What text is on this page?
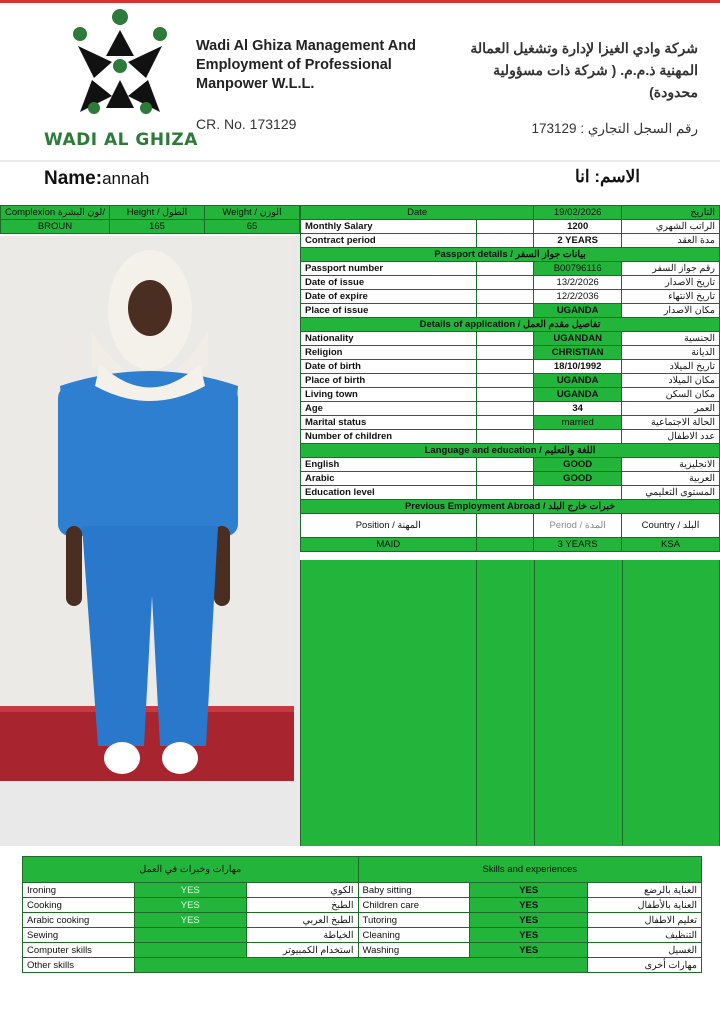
WADI AL GHIZA
Wadi Al Ghiza Management And
Employment of Professional
Manpower W.L.L.
CR. No. 173129
شركة وادي الغيزا لإدارة وتشغيل العمالة
المهنية ذ.م.م. ( شركة ذات مسؤولية
محدودة)
رقم السجل التجاري : 173129
Name:annah	الاسم: انا
Complexion لون البشرة/	Height / الطول	Weight / الوزن
BROUN	165	65
Date		19/02/2026	التاريخ
Monthly Salary		1200	الراتب الشهري
Contract period		2 YEARS	مدة العقد
Passport details / بيانات جواز السفر			
Passport number		B00796116	رقم جواز السفر
Date of issue		13/2/2026	تاريخ الاصدار
Date of expire		12/2/2036	تاريخ الانتهاء
Place of issue		UGANDA	مكان الاصدار
Details of application / تفاصيل مقدم العمل			
Nationality		UGANDAN	الجنسية
Religion		CHRISTIAN	الديانة
Date of birth		18/10/1992	تاريخ الميلاد
Place of birth		UGANDA	مكان الميلاد
Living town		UGANDA	مكان السكن
Age		34	العمر
Marital status		married	الحالة الاجتماعية
Number of children			عدد الاطفال
Language and education / اللغة والتعليم			
English		GOOD	الانجليزية
Arabic		GOOD	العربية
Education level			المستوى التعليمي
Previous Employment Abroad / خبرات خارج البلد			
Position / المهنة		Period / المدة	Country / البلد
MAID		3 YEARS	KSA
مهارات وخبرات في العمل			Skills and experiences		
Ironing	YES	الكوي	Baby sitting	YES	العناية بالرضع
Cooking	YES	الطبخ	Children care	YES	العناية بالأطفال
Arabic cooking	YES	الطبخ العربي	Tutoring	YES	تعليم الاطفال
Sewing		الخياطة	Cleaning	YES	التنظيف
Computer skills		استخدام الكمبيوتر	Washing	YES	الغسيل
Other skills					مهارات أخرى
